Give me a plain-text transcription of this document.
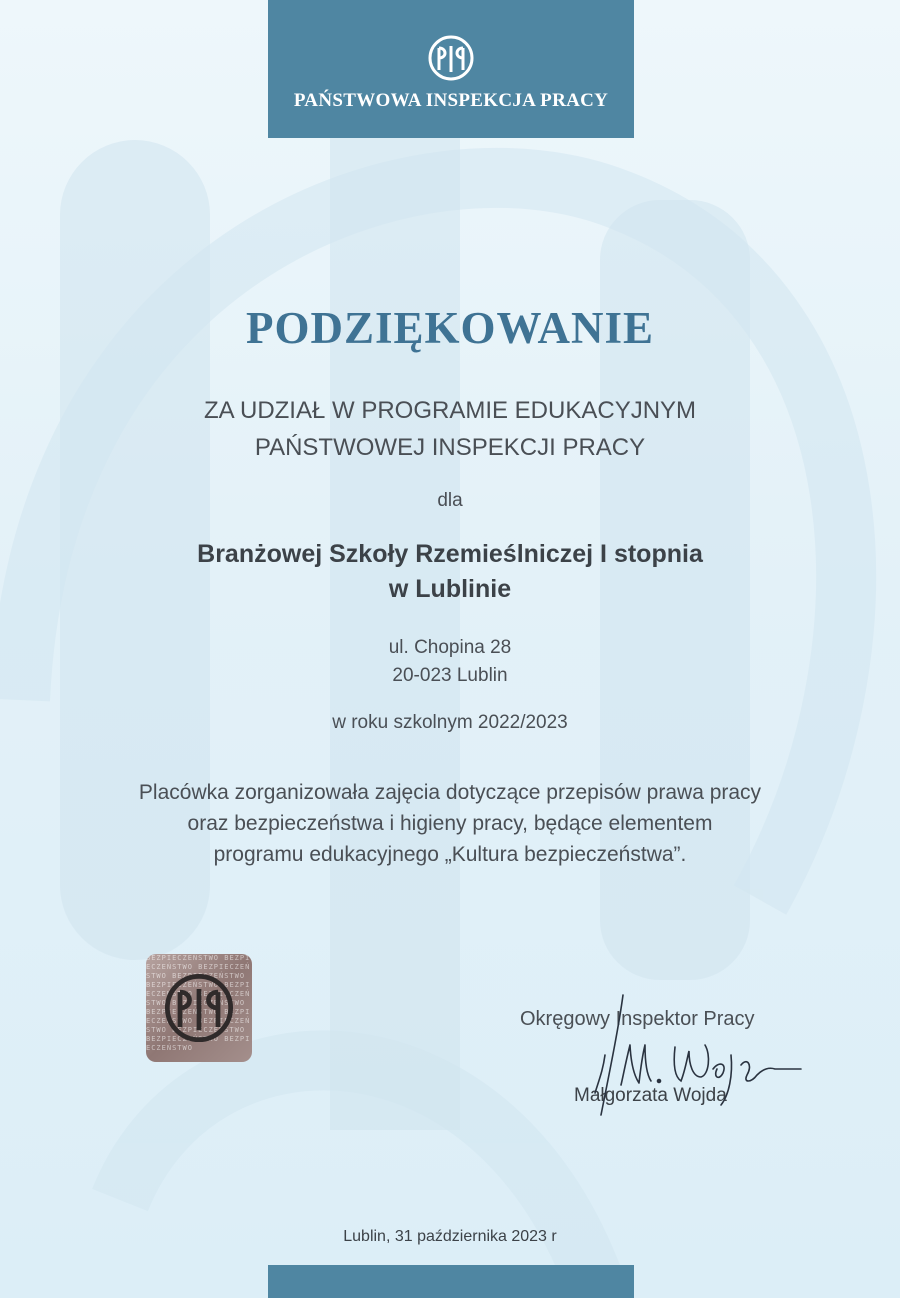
PAŃSTWOWA INSPEKCJA PRACY
PODZIĘKOWANIE
ZA UDZIAŁ W PROGRAMIE EDUKACYJNYM
PAŃSTWOWEJ INSPEKCJI PRACY
dla
Branżowej Szkoły Rzemieślniczej I stopnia
w Lublinie
ul. Chopina 28
20-023 Lublin
w roku szkolnym 2022/2023
Placówka zorganizowała zajęcia dotyczące przepisów prawa pracy
oraz bezpieczeństwa i higieny pracy, będące elementem
programu edukacyjnego „Kultura bezpieczeństwa”.
BEZPIECZEŃSTWO BEZPIECZEŃSTWO BEZPIECZEŃSTWO BEZPIECZEŃSTWO BEZPIECZEŃSTWO BEZPIECZEŃSTWO BEZPIECZEŃSTWO BEZPIECZEŃSTWO BEZPIECZEŃSTWO BEZPIECZEŃSTWO BEZPIECZEŃSTWO BEZPIECZEŃSTWO BEZPIECZEŃSTWO BEZPIECZEŃSTWO
Okręgowy Inspektor Pracy
Małgorzata Wojda
Lublin, 31 października 2023 r
